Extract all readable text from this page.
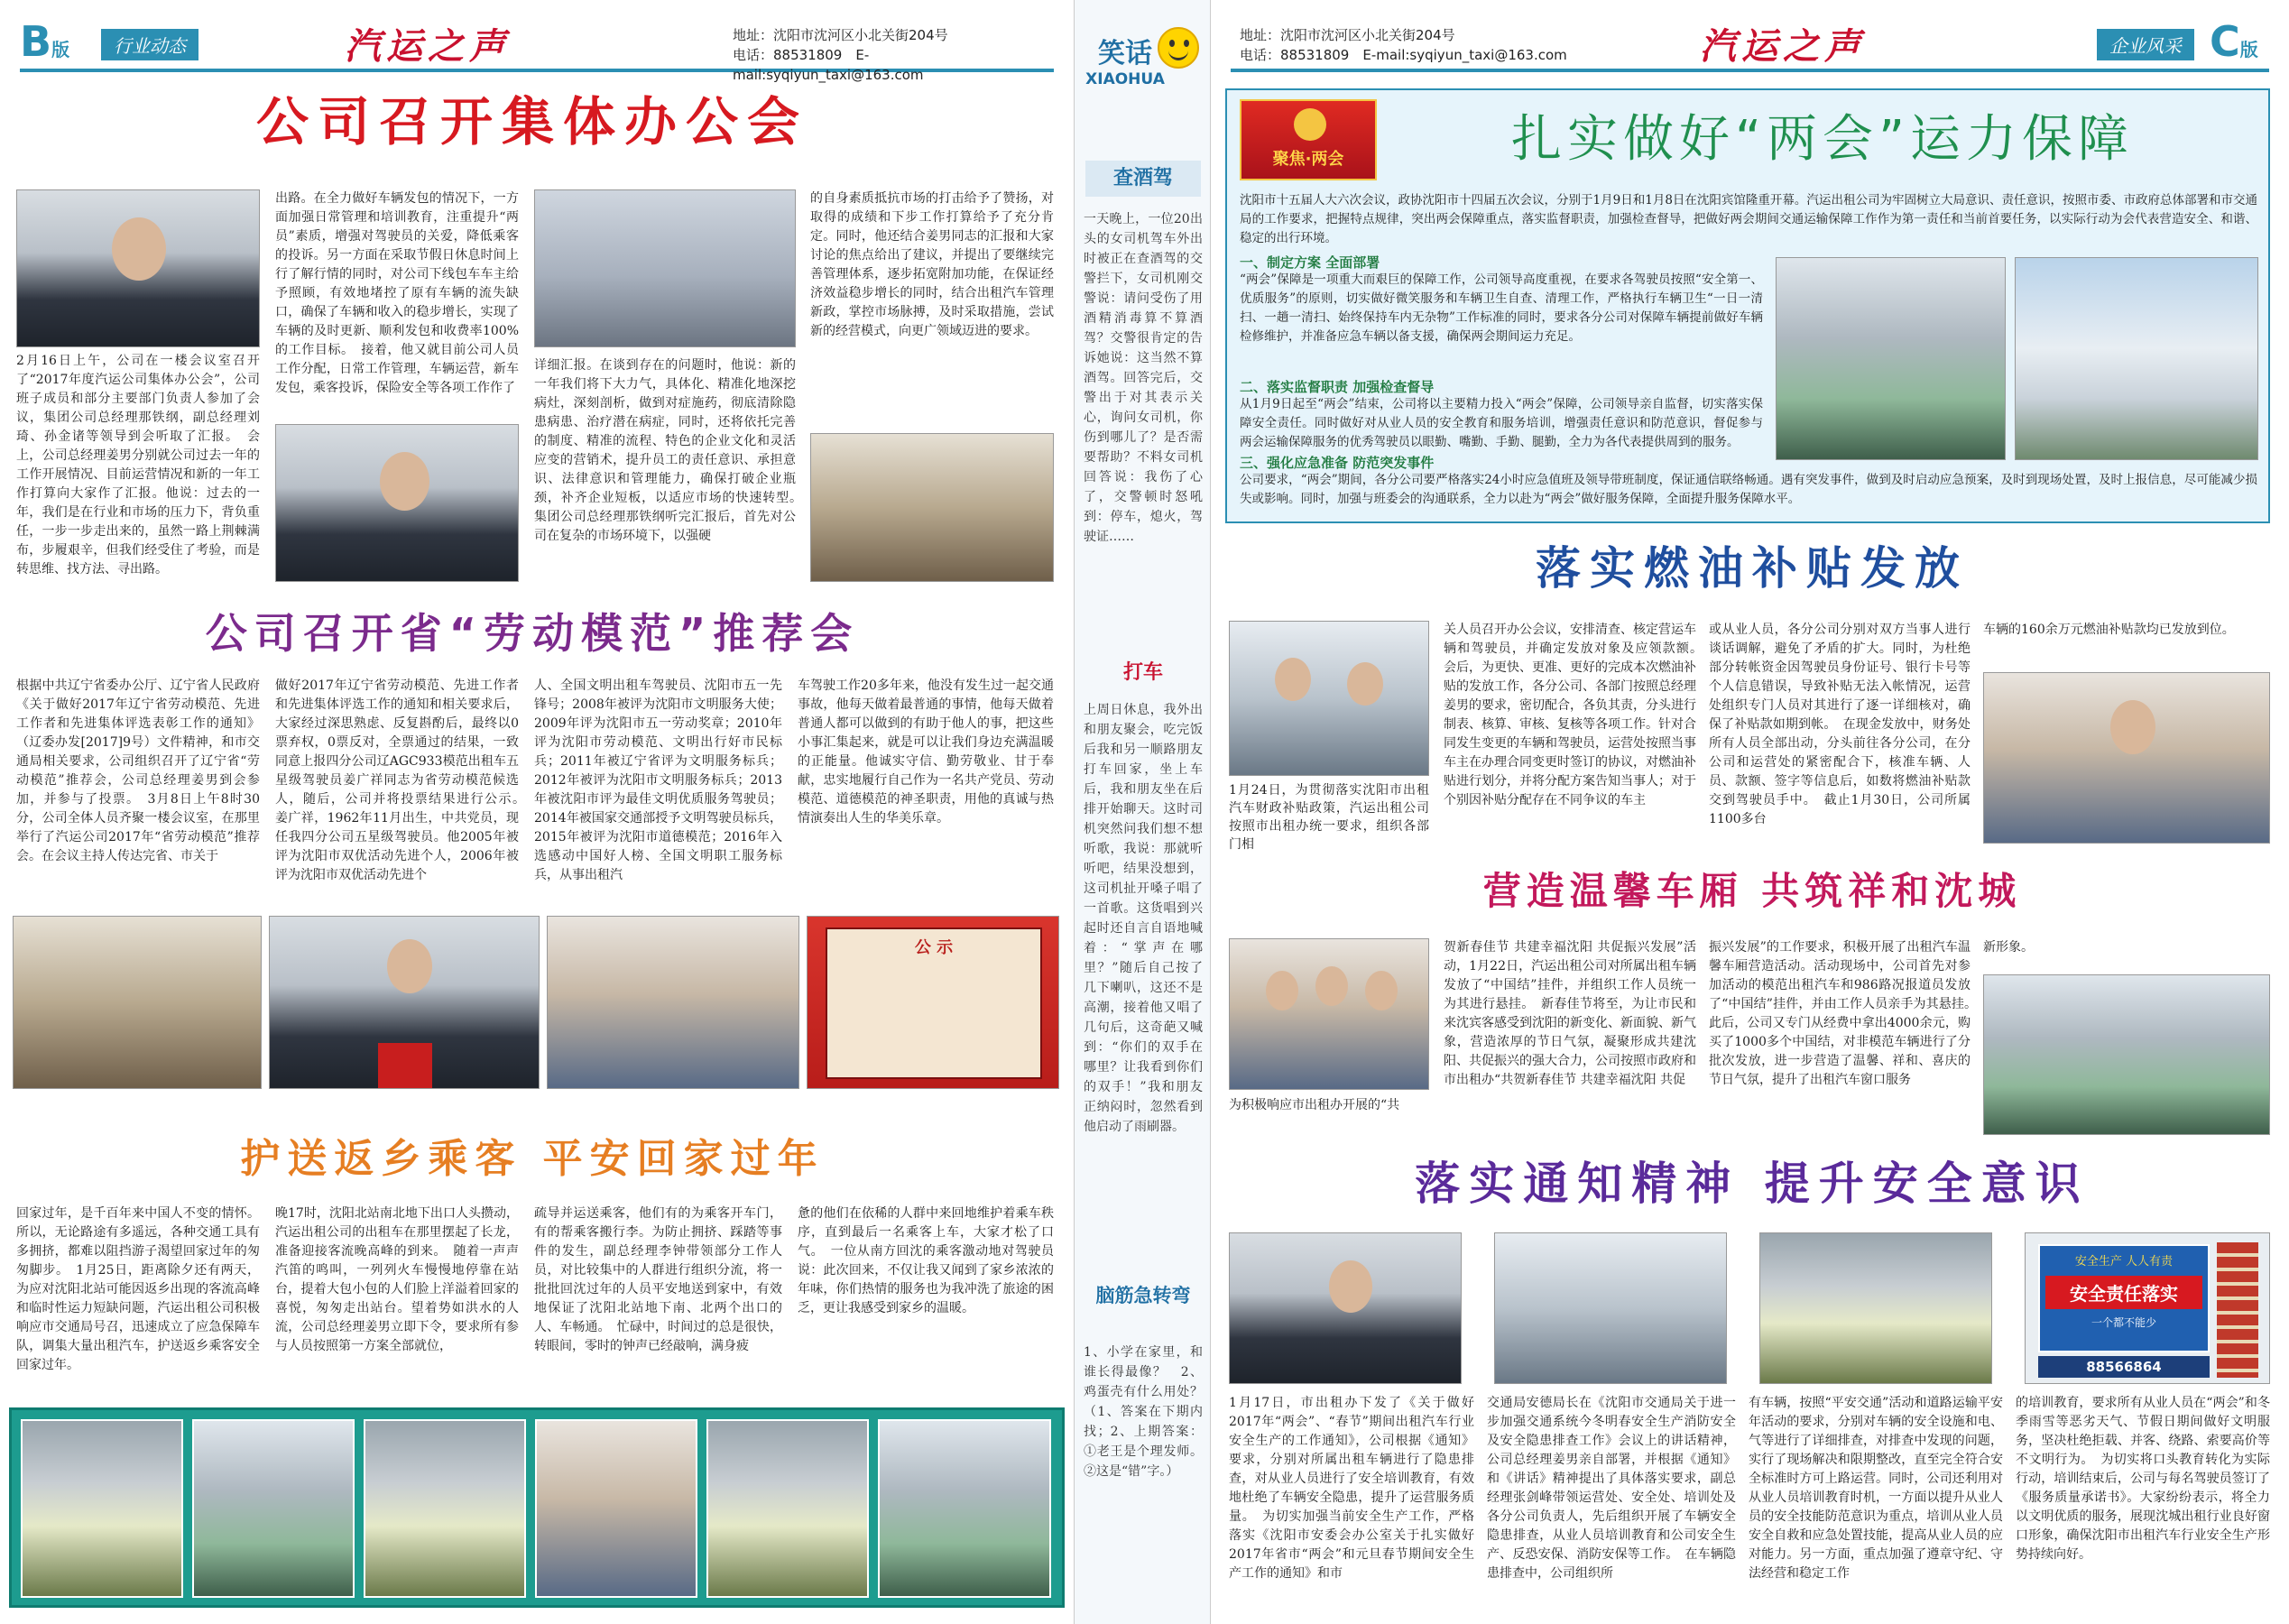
B版	行业动态	汽运之声	地址：沈阳市沈河区小北关街204号
电话：88531809　E-mail:syqiyun_taxi@163.com
公司召开集体办公会
2月16日上午，公司在一楼会议室召开了“2017年度汽运公司集体办公会”，公司班子成员和部分主要部门负责人参加了会议，集团公司总经理那铁纲，副总经理刘琦、孙金诸等领导到会听取了汇报。　会上，公司总经理姜男分别就公司过去一年的工作开展情况、目前运营情况和新的一年工作打算向大家作了汇报。他说：过去的一年，我们是在行业和市场的压力下，背负重任，一步一步走出来的，虽然一路上荆棘满布，步履艰辛，但我们经受住了考验，而是转思维、找方法、寻出路。
出路。在全力做好车辆发包的情况下，一方面加强日常管理和培训教育，注重提升“两员”素质，增强对驾驶员的关爱，降低乘客的投诉。另一方面在采取节假日休息时间上行了解行情的同时，对公司下线包车车主给予照顾，有效地堵控了原有车辆的流失缺口，确保了车辆和收入的稳步增长，实现了车辆的及时更新、顺利发包和收费率100%的工作目标。　接着，他又就目前公司人员工作分配，日常工作管理，车辆运营，新车发包，乘客投诉，保险安全等各项工作作了
详细汇报。在谈到存在的问题时，他说：新的一年我们将下大力气，具体化、精准化地深挖病灶，深刻剖析，做到对症施药，彻底清除隐患病患、治疗潜在病症，同时，还将依托完善的制度、精准的流程、特色的企业文化和灵活应变的营销术，提升员工的责任意识、承担意识、法律意识和管理能力，确保打破企业瓶颈，补齐企业短板，以适应市场的快速转型。　集团公司总经理那铁纲听完汇报后，首先对公司在复杂的市场环境下，以强硬
的自身素质抵抗市场的打击给予了赞扬，对取得的成绩和下步工作打算给予了充分肯定。同时，他还结合姜男同志的汇报和大家讨论的焦点给出了建议，并提出了要继续完善管理体系，逐步拓宽附加功能，在保证经济效益稳步增长的同时，结合出租汽车管理新政，掌控市场脉搏，及时采取措施，尝试新的经营模式，向更广领域迈进的要求。
公司召开省“劳动模范”推荐会
根据中共辽宁省委办公厅、辽宁省人民政府《关于做好2017年辽宁省劳动模范、先进工作者和先进集体评选表彰工作的通知》（辽委办发[2017]9号）文件精神，和市交通局相关要求，公司组织召开了辽宁省“劳动模范”推荐会，公司总经理姜男到会参加，并参与了投票。　3月8日上午8时30分，公司全体人员齐聚一楼会议室，在那里举行了汽运公司2017年“省劳动模范”推荐会。在会议主持人传达完省、市关于
做好2017年辽宁省劳动模范、先进工作者和先进集体评选工作的通知和相关要求后，大家经过深思熟虑、反复斟酌后，最终以0票弃权，0票反对，全票通过的结果，一致同意上报四分公司辽AGC933模范出租车五星级驾驶员姜广祥同志为省劳动模范候选人，随后，公司并将投票结果进行公示。　姜广祥，1962年11月出生，中共党员，现任我四分公司五星级驾驶员。他2005年被评为沈阳市双优活动先进个人，2006年被评为沈阳市双优活动先进个
人、全国文明出租车驾驶员、沈阳市五一先锋号；2008年被评为沈阳市文明服务大使；2009年评为沈阳市五一劳动奖章；2010年评为沈阳市劳动模范、文明出行好市民标兵；2011年被辽宁省评为文明服务标兵；2012年被评为沈阳市文明服务标兵；2013年被沈阳市评为最佳文明优质服务驾驶员；2014年被国家交通部授予文明驾驶员标兵，2015年被评为沈阳市道德模范；2016年入选感动中国好人榜、全国文明职工服务标兵，从事出租汽
车驾驶工作20多年来，他没有发生过一起交通事故，他每天做着最普通的事情，他每天做着普通人都可以做到的有助于他人的事，把这些小事汇集起来，就是可以让我们身边充满温暖的正能量。他诚实守信、勤劳敬业、甘于奉献，忠实地履行自己作为一名共产党员、劳动模范、道德模范的神圣职责，用他的真诚与热情演奏出人生的华美乐章。
公 示
护送返乡乘客 平安回家过年
回家过年，是千百年来中国人不变的情怀。所以，无论路途有多遥远，各种交通工具有多拥挤，都难以阻挡游子渴望回家过年的匆匆脚步。　1月25日，距离除夕还有两天，为应对沈阳北站可能因返乡出现的客流高峰和临时性运力短缺问题，汽运出租公司积极响应市交通局号召，迅速成立了应急保障车队，调集大量出租汽车，护送返乡乘客安全回家过年。
晚17时，沈阳北站南北地下出口人头攒动，汽运出租公司的出租车在那里摆起了长龙，准备迎接客流晚高峰的到来。　随着一声声汽笛的鸣叫，一列列火车慢慢地停靠在站台，提着大包小包的人们脸上洋溢着回家的喜悦，匆匆走出站台。望着势如洪水的人流，公司总经理姜男立即下令，要求所有参与人员按照第一方案全部就位，
疏导并运送乘客，他们有的为乘客开车门，有的帮乘客搬行李。为防止拥挤、踩踏等事件的发生，副总经理李钟带领部分工作人员，对比较集中的人群进行组织分流，将一批批回沈过年的人员平安地送到家中，有效地保证了沈阳北站地下南、北两个出口的人、车畅通。　忙碌中，时间过的总是很快，转眼间，零时的钟声已经敲响，满身疲
惫的他们在依稀的人群中来回地维护着乘车秩序，直到最后一名乘客上车，大家才松了口气。　一位从南方回沈的乘客激动地对驾驶员说：此次回来，不仅让我又闻到了家乡浓浓的年味，你们热情的服务也为我冲洗了旅途的困乏，更让我感受到家乡的温暖。
笑话
XIAOHUA
查酒驾
一天晚上，一位20出头的女司机驾车外出时被正在查酒驾的交警拦下，女司机刚交警说：请问受伤了用酒精消毒算不算酒驾？交警很肯定的告诉她说：这当然不算酒驾。回答完后，交警出于对其表示关心，询问女司机，你伤到哪儿了？是否需要帮助？不料女司机回答说：我伤了心了，交警顿时怒吼到：停车，熄火，驾驶证……
打车
上周日休息，我外出和朋友聚会，吃完饭后我和另一顺路朋友打车回家，坐上车后，我和朋友坐在后排开始聊天。这时司机突然问我们想不想听歌，我说：那就听听吧，结果没想到，这司机扯开嗓子唱了一首歌。这货唱到兴起时还自言自语地喊着：“掌声在哪里？”随后自己按了几下喇叭，这还不是高潮，接着他又唱了几句后，这奇葩又喊到：“你们的双手在哪里？让我看到你们的双手！”我和朋友正纳闷时，忽然看到他启动了雨刷器。
脑筋急转弯
1、小学在家里，和谁长得最像？　2、鸡蛋壳有什么用处？（1、答案在下期内找；2、上期答案：①老王是个理发师。②这是“错”字。）
地址：沈阳市沈河区小北关街204号
电话：88531809　E-mail:syqiyun_taxi@163.com	汽运之声	企业风采 C版
聚焦·两会	扎实做好“两会”运力保障
沈阳市十五届人大六次会议，政协沈阳市十四届五次会议，分别于1月9日和1月8日在沈阳宾馆隆重开幕。汽运出租公司为牢固树立大局意识、责任意识，按照市委、市政府总体部署和市交通局的工作要求，把握特点规律，突出两会保障重点，落实监督职责，加强检查督导，把做好两会期间交通运输保障工作作为第一责任和当前首要任务，以实际行动为会代表营造安全、和谐、稳定的出行环境。
一、制定方案 全面部署
“两会”保障是一项重大而艰巨的保障工作，公司领导高度重视，在要求各驾驶员按照“安全第一、优质服务”的原则，切实做好微笑服务和车辆卫生自查、清理工作，严格执行车辆卫生“一日一清扫、一趟一清扫、始终保持车内无杂物”工作标准的同时，要求各分公司对保障车辆提前做好车辆检修维护，并准备应急车辆以备支援，确保两会期间运力充足。
二、落实监督职责 加强检查督导
从1月9日起至“两会”结束，公司将以主要精力投入“两会”保障，公司领导亲自监督，切实落实保障安全责任。同时做好对从业人员的安全教育和服务培训，增强责任意识和防范意识，督促参与两会运输保障服务的优秀驾驶员以眼勤、嘴勤、手勤、腿勤，全力为各代表提供周到的服务。
三、强化应急准备 防范突发事件
公司要求，“两会”期间，各分公司要严格落实24小时应急值班及领导带班制度，保证通信联络畅通。遇有突发事件，做到及时启动应急预案，及时到现场处置，及时上报信息，尽可能减少损失或影响。同时，加强与班委会的沟通联系，全力以赴为“两会”做好服务保障，全面提升服务保障水平。
落实燃油补贴发放
1月24日，为贯彻落实沈阳市出租汽车财政补贴政策，汽运出租公司按照市出租办统一要求，组织各部门相
关人员召开办公会议，安排清查、核定营运车辆和驾驶员，并确定发放对象及应领款额。　会后，为更快、更准、更好的完成本次燃油补贴的发放工作，各分公司、各部门按照总经理姜男的要求，密切配合，各负其责，分头进行制表、核算、审核、复核等各项工作。针对合同发生变更的车辆和驾驶员，运营处按照当事车主在办理合同变更时签订的协议，对燃油补贴进行划分，并将分配方案告知当事人；对于个别因补贴分配存在不同争议的车主
或从业人员，各分公司分别对双方当事人进行谈话调解，避免了矛盾的扩大。同时，为杜绝部分转帐资金因驾驶员身份证号、银行卡号等个人信息错误，导致补贴无法入帐情况，运营处组织专门人员对其进行了逐一详细核对，确保了补贴款如期到帐。　在现金发放中，财务处所有人员全部出动，分头前往各分公司，在分公司和运营处的紧密配合下，核准车辆、人员、款额、签字等信息后，如数将燃油补贴款交到驾驶员手中。　截止1月30日，公司所属1100多台
车辆的160余万元燃油补贴款均已发放到位。
营造温馨车厢 共筑祥和沈城
为积极响应市出租办开展的“共
贺新春佳节 共建幸福沈阳 共促振兴发展”活动，1月22日，汽运出租公司对所属出租车辆发放了“中国结”挂件，并组织工作人员统一为其进行悬挂。　新春佳节将至，为让市民和来沈宾客感受到沈阳的新变化、新面貌、新气象，营造浓厚的节日气氛，凝聚形成共建沈阳、共促振兴的强大合力，公司按照市政府和市出租办“共贺新春佳节 共建幸福沈阳 共促
振兴发展”的工作要求，积极开展了出租汽车温馨车厢营造活动。活动现场中，公司首先对参加活动的模范出租汽车和986路况报道员发放了“中国结”挂件，并由工作人员亲手为其悬挂。　此后，公司又专门从经费中拿出4000余元，购买了1000多个中国结，对非模范车辆进行了分批次发放，进一步营造了温馨、祥和、喜庆的节日气氛，提升了出租汽车窗口服务
新形象。
落实通知精神 提升安全意识
安全生产 人人有责
安全责任落实
一个都不能少
88566864
1月17日，市出租办下发了《关于做好2017年“两会”、“春节”期间出租汽车行业安全生产的工作通知》，公司根据《通知》要求，分别对所属出租车辆进行了隐患排查，对从业人员进行了安全培训教育，有效地杜绝了车辆安全隐患，提升了运营服务质量。　为切实加强当前安全生产工作，严格落实《沈阳市安委会办公室关于扎实做好2017年省市“两会”和元旦春节期间安全生产工作的通知》和市
交通局安德局长在《沈阳市交通局关于进一步加强交通系统今冬明春安全生产消防安全及安全隐患排查工作》会议上的讲话精神，公司总经理姜男亲自部署，并根据《通知》和《讲话》精神提出了具体落实要求，副总经理张剑峰带领运营处、安全处、培训处及各分公司负责人，先后组织开展了车辆安全隐患排查，从业人员培训教育和公司安全生产、反恐安保、消防安保等工作。　在车辆隐患排查中，公司组织所
有车辆，按照“平安交通”活动和道路运输平安年活动的要求，分别对车辆的安全设施和电、气等进行了详细排查，对排查中发现的问题，实行了现场解决和限期整改，直至完全符合安全标准时方可上路运营。同时，公司还利用对从业人员培训教育时机，一方面以提升从业人员的安全技能防范意识为重点，培训从业人员安全自救和应急处置技能，提高从业人员的应对能力。另一方面，重点加强了遵章守纪、守法经营和稳定工作
的培训教育，要求所有从业人员在“两会”和冬季雨雪等恶劣天气、节假日期间做好文明服务，坚决杜绝拒载、并客、绕路、索要高价等不文明行为。　为切实将口头教育转化为实际行动，培训结束后，公司与每名驾驶员签订了《服务质量承诺书》。大家纷纷表示，将全力以文明优质的服务，展现沈城出租行业良好窗口形象，确保沈阳市出租汽车行业安全生产形势持续向好。
